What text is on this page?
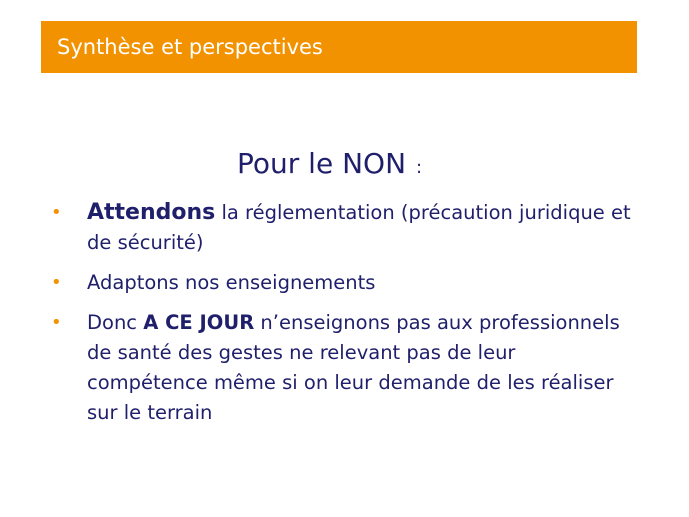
Synthèse et perspectives
Pour le NON :
• Attendons la réglementation (précaution juridique et de sécurité)
• Adaptons nos enseignements
• Donc A CE JOUR n’enseignons pas aux professionnels de santé des gestes ne relevant pas de leur compétence même si on leur demande de les réaliser sur le terrain
